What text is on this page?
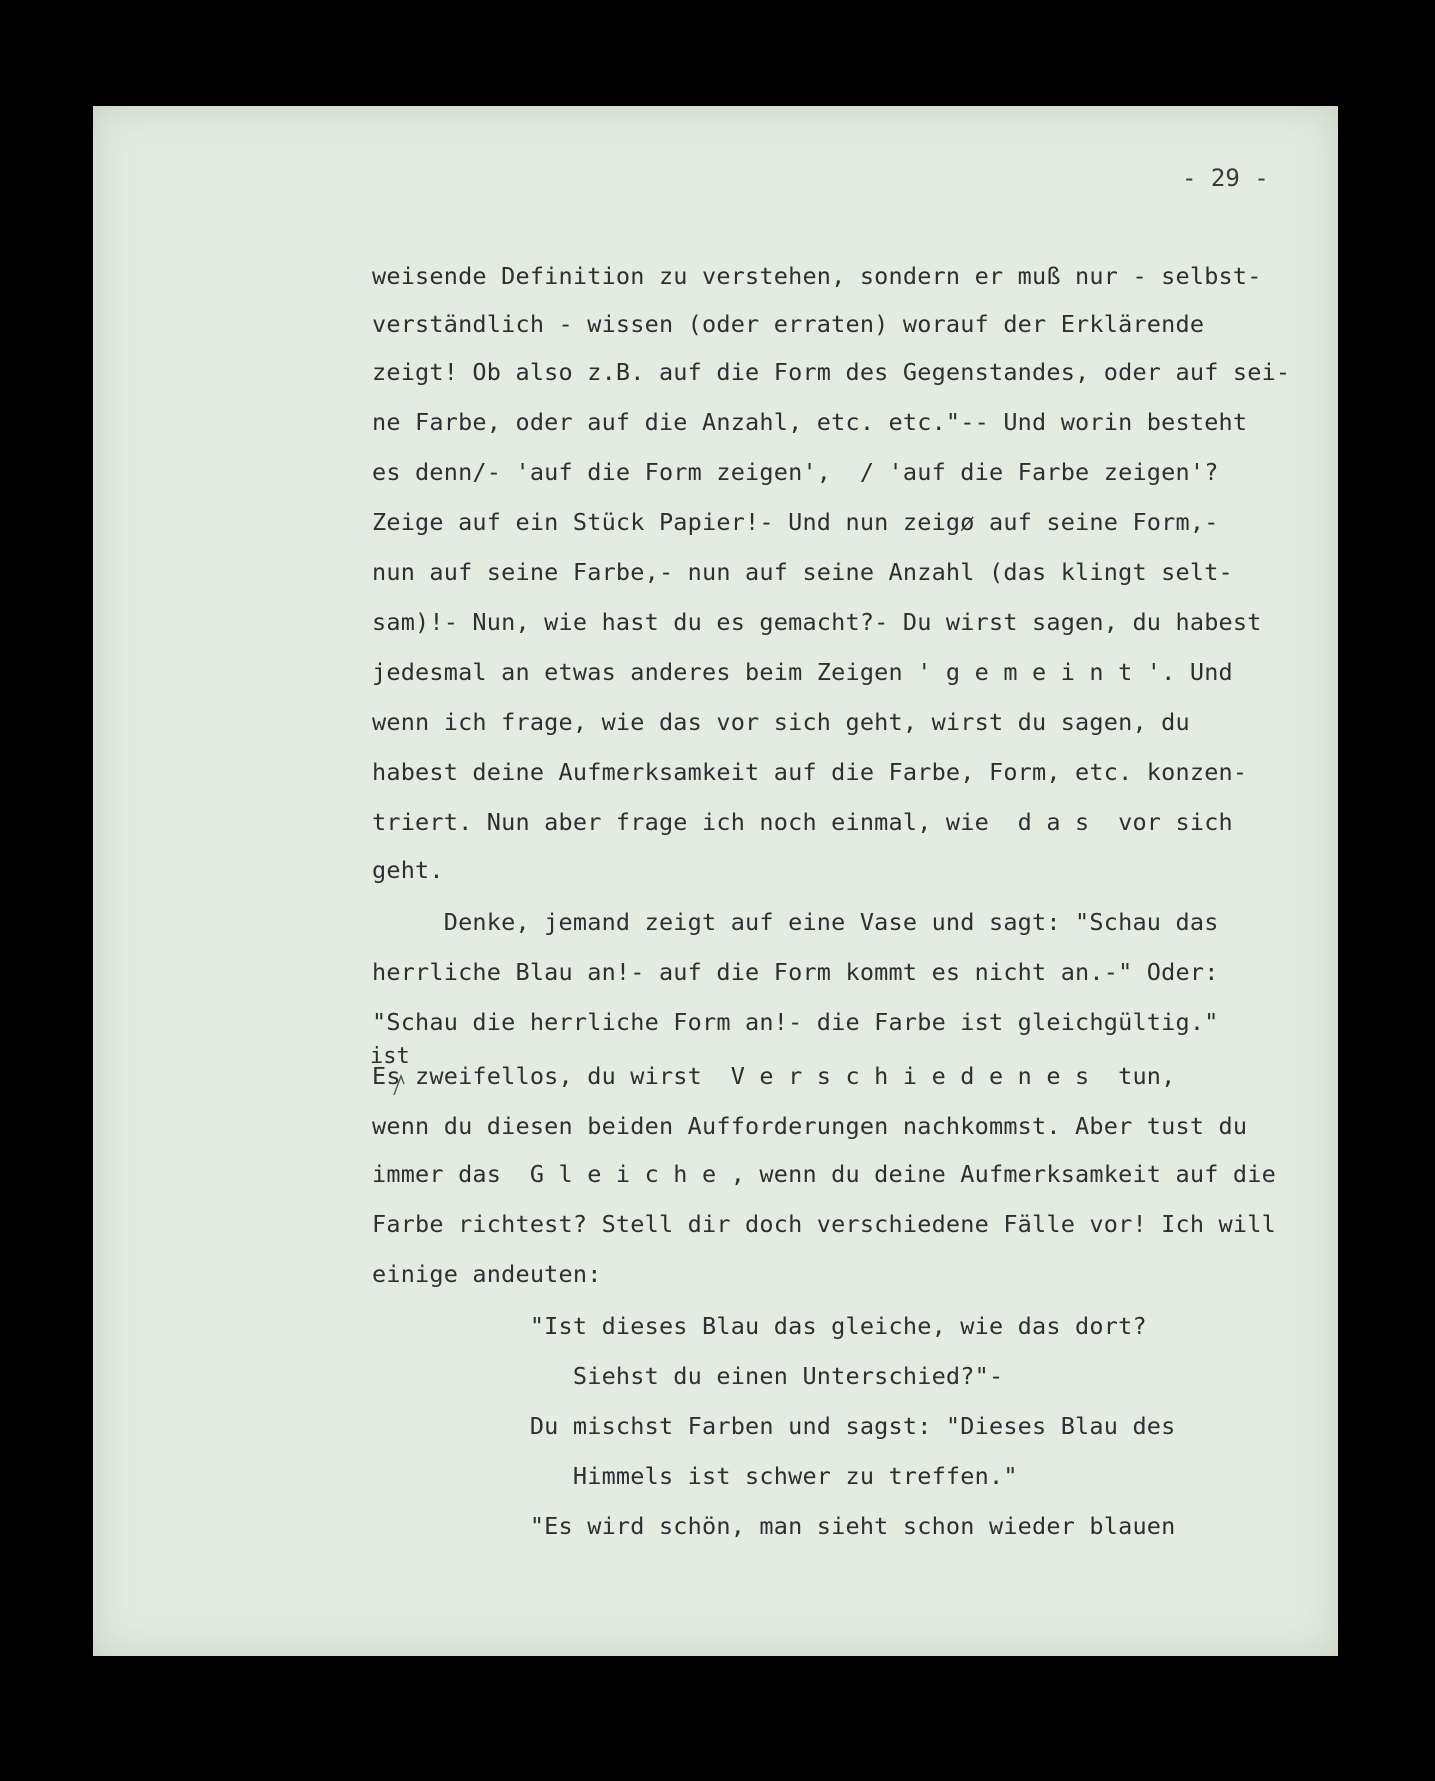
- 29 -

weisende Definition zu verstehen, sondern er muß nur - selbst-

verständlich - wissen (oder erraten) worauf der Erklärende

zeigt! Ob also z.B. auf die Form des Gegenstandes, oder auf sei-

ne Farbe, oder auf die Anzahl, etc. etc."-- Und worin besteht

es denn/- 'auf die Form zeigen',  / 'auf die Farbe zeigen'?

Zeige auf ein Stück Papier!- Und nun zeigø auf seine Form,-

nun auf seine Farbe,- nun auf seine Anzahl (das klingt selt-

sam)!- Nun, wie hast du es gemacht?- Du wirst sagen, du habest

jedesmal an etwas anderes beim Zeigen ' g e m e i n t '. Und

wenn ich frage, wie das vor sich geht, wirst du sagen, du

habest deine Aufmerksamkeit auf die Farbe, Form, etc. konzen-

triert. Nun aber frage ich noch einmal, wie  d a s  vor sich

geht.

Denke, jemand zeigt auf eine Vase und sagt: "Schau das

herrliche Blau an!- auf die Form kommt es nicht an.-" Oder:

"Schau die herrliche Form an!- die Farbe ist gleichgültig."

Es zweifellos, du wirst  V e r s c h i e d e n e s  tun,

wenn du diesen beiden Aufforderungen nachkommst. Aber tust du

immer das  G l e i c h e , wenn du deine Aufmerksamkeit auf die

Farbe richtest? Stell dir doch verschiedene Fälle vor! Ich will

einige andeuten:

"Ist dieses Blau das gleiche, wie das dort?

Siehst du einen Unterschied?"-

Du mischst Farben und sagst: "Dieses Blau des

Himmels ist schwer zu treffen."

"Es wird schön, man sieht schon wieder blauen

ist
